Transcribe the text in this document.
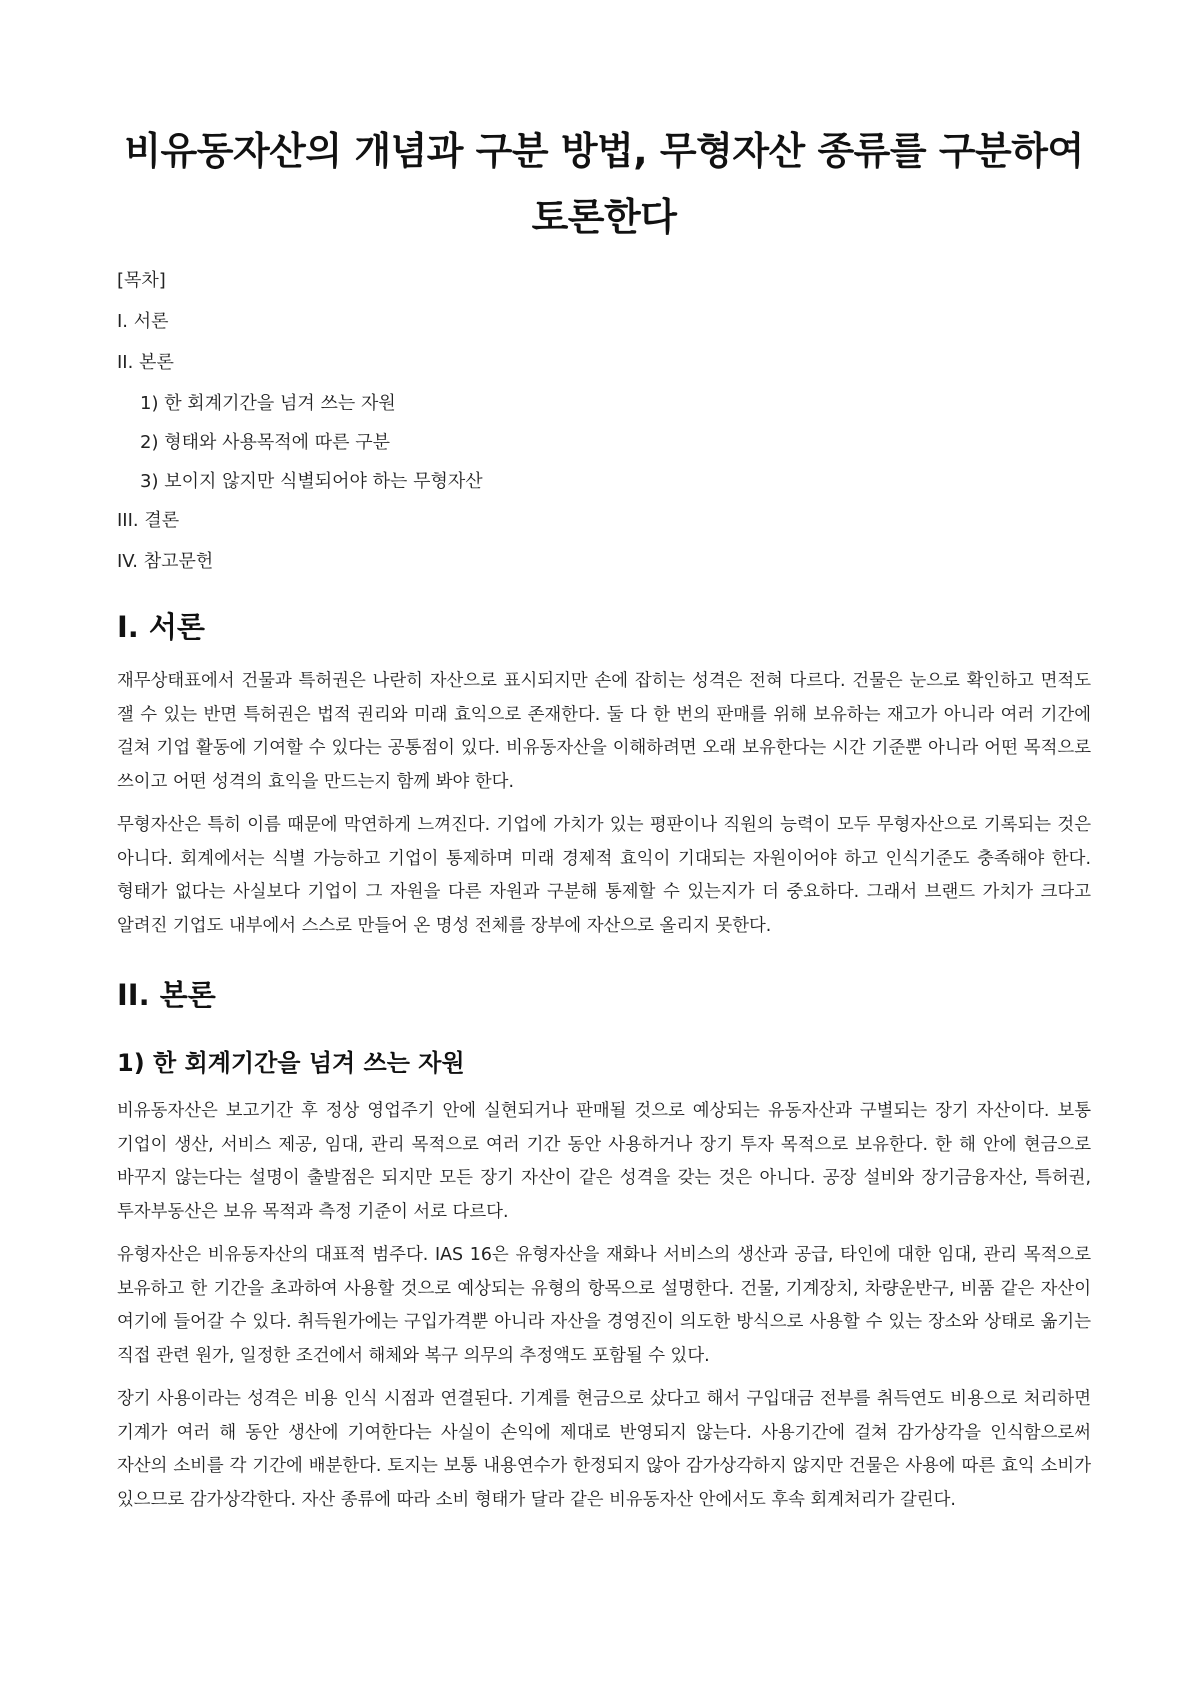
비유동자산의 개념과 구분 방법, 무형자산 종류를 구분하여 토론한다
[목차]
I. 서론
II. 본론
1) 한 회계기간을 넘겨 쓰는 자원
2) 형태와 사용목적에 따른 구분
3) 보이지 않지만 식별되어야 하는 무형자산
III. 결론
IV. 참고문헌
I. 서론

재무상태표에서 건물과 특허권은 나란히 자산으로 표시되지만 손에 잡히는 성격은 전혀 다르다. 건물은 눈으로 확인하고 면적도 잴 수 있는 반면 특허권은 법적 권리와 미래 효익으로 존재한다. 둘 다 한 번의 판매를 위해 보유하는 재고가 아니라 여러 기간에 걸쳐 기업 활동에 기여할 수 있다는 공통점이 있다. 비유동자산을 이해하려면 오래 보유한다는 시간 기준뿐 아니라 어떤 목적으로 쓰이고 어떤 성격의 효익을 만드는지 함께 봐야 한다.

무형자산은 특히 이름 때문에 막연하게 느껴진다. 기업에 가치가 있는 평판이나 직원의 능력이 모두 무형자산으로 기록되는 것은 아니다. 회계에서는 식별 가능하고 기업이 통제하며 미래 경제적 효익이 기대되는 자원이어야 하고 인식기준도 충족해야 한다. 형태가 없다는 사실보다 기업이 그 자원을 다른 자원과 구분해 통제할 수 있는지가 더 중요하다. 그래서 브랜드 가치가 크다고 알려진 기업도 내부에서 스스로 만들어 온 명성 전체를 장부에 자산으로 올리지 못한다.

II. 본론
1) 한 회계기간을 넘겨 쓰는 자원

비유동자산은 보고기간 후 정상 영업주기 안에 실현되거나 판매될 것으로 예상되는 유동자산과 구별되는 장기 자산이다. 보통 기업이 생산, 서비스 제공, 임대, 관리 목적으로 여러 기간 동안 사용하거나 장기 투자 목적으로 보유한다. 한 해 안에 현금으로 바꾸지 않는다는 설명이 출발점은 되지만 모든 장기 자산이 같은 성격을 갖는 것은 아니다. 공장 설비와 장기금융자산, 특허권, 투자부동산은 보유 목적과 측정 기준이 서로 다르다.

유형자산은 비유동자산의 대표적 범주다. IAS 16은 유형자산을 재화나 서비스의 생산과 공급, 타인에 대한 임대, 관리 목적으로 보유하고 한 기간을 초과하여 사용할 것으로 예상되는 유형의 항목으로 설명한다. 건물, 기계장치, 차량운반구, 비품 같은 자산이 여기에 들어갈 수 있다. 취득원가에는 구입가격뿐 아니라 자산을 경영진이 의도한 방식으로 사용할 수 있는 장소와 상태로 옮기는 직접 관련 원가, 일정한 조건에서 해체와 복구 의무의 추정액도 포함될 수 있다.

장기 사용이라는 성격은 비용 인식 시점과 연결된다. 기계를 현금으로 샀다고 해서 구입대금 전부를 취득연도 비용으로 처리하면 기계가 여러 해 동안 생산에 기여한다는 사실이 손익에 제대로 반영되지 않는다. 사용기간에 걸쳐 감가상각을 인식함으로써 자산의 소비를 각 기간에 배분한다. 토지는 보통 내용연수가 한정되지 않아 감가상각하지 않지만 건물은 사용에 따른 효익 소비가 있으므로 감가상각한다. 자산 종류에 따라 소비 형태가 달라 같은 비유동자산 안에서도 후속 회계처리가 갈린다.
